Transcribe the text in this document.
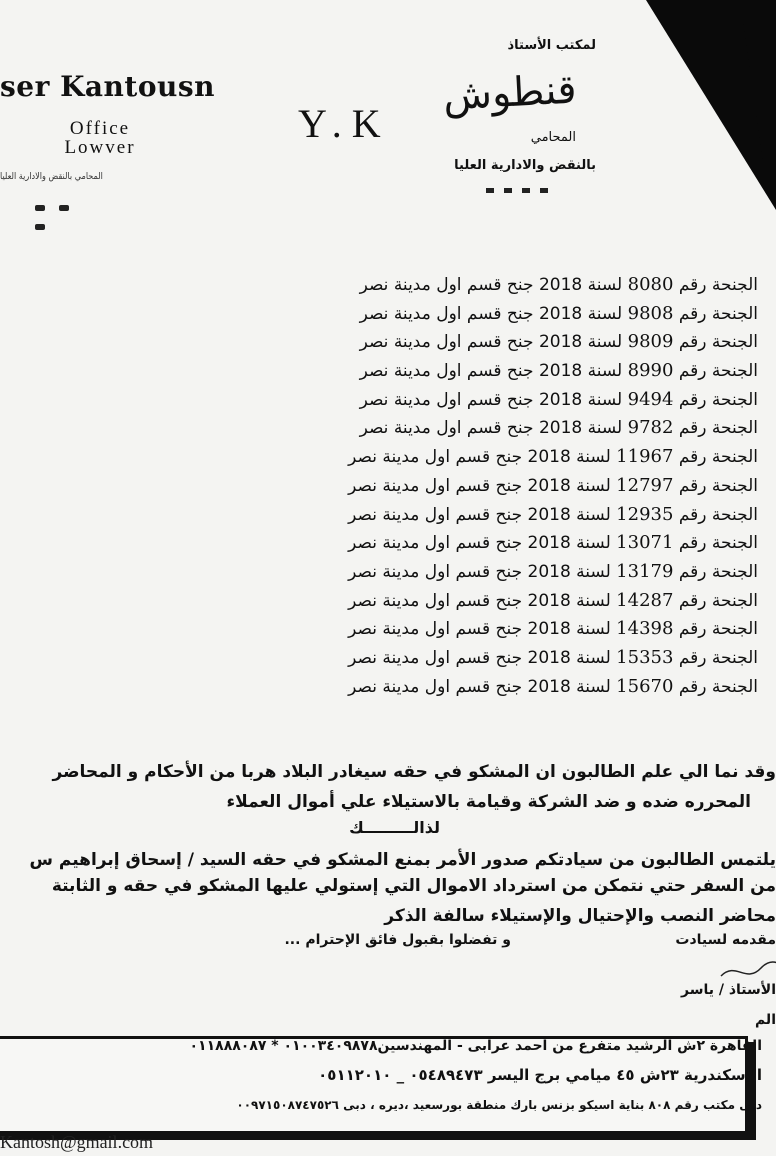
ser Kantousn

Office
Lowver
المحامي بالنقض والادارية العليا

Y.K

لمكتب الأستاذ
قنطوش
المحامي
بالنقض والادارية العليا
الجنحة رقم 8080 لسنة 2018 جنح قسم اول مدينة نصر
الجنحة رقم 9808 لسنة 2018 جنح قسم اول مدينة نصر
الجنحة رقم 9809 لسنة 2018 جنح قسم اول مدينة نصر
الجنحة رقم 8990 لسنة 2018 جنح قسم اول مدينة نصر
الجنحة رقم 9494 لسنة 2018 جنح قسم اول مدينة نصر
الجنحة رقم 9782 لسنة 2018 جنح قسم اول مدينة نصر
الجنحة رقم 11967 لسنة 2018 جنح قسم اول مدينة نصر
الجنحة رقم 12797 لسنة 2018 جنح قسم اول مدينة نصر
الجنحة رقم 12935 لسنة 2018 جنح قسم اول مدينة نصر
الجنحة رقم 13071 لسنة 2018 جنح قسم اول مدينة نصر
الجنحة رقم 13179 لسنة 2018 جنح قسم اول مدينة نصر
الجنحة رقم 14287 لسنة 2018 جنح قسم اول مدينة نصر
الجنحة رقم 14398 لسنة 2018 جنح قسم اول مدينة نصر
الجنحة رقم 15353 لسنة 2018 جنح قسم اول مدينة نصر
الجنحة رقم 15670 لسنة 2018 جنح قسم اول مدينة نصر

وقد نما الي علم الطالبون ان المشكو في حقه سيغادر البلاد هربا من الأحكام و المحاضر

المحرره ضده و ضد الشركة وقيامة بالاستيلاء علي أموال العملاء

لذالـــــــــك

يلتمس الطالبون من سيادتكم صدور الأمر بمنع المشكو في حقه السيد / إسحاق إبراهيم س

من السفر حتي نتمكن من استرداد الاموال التي إستولي عليها المشكو في حقه و الثابتة

محاضر النصب والإحتيال والإستيلاء سالفة الذكر

و تفضلوا بقبول فائق الإحترام ...	مقدمه لسيادت

الأستاذ / ياسر

الم

القاهرة ٢ش الرشيد متفرع من احمد عرابى - المهندسين٠١٠٠٣٤٠٩٨٧٨ * ٠١١٨٨٨٠٨٧

الإسكندرية ٢٣ش ٤٥ ميامي برج اليسر ٠٥٤٨٩٤٧٣ _ ٠٥١١٢٠١٠

دبى مكتب رقم ٨٠٨ بناية اسيكو بزنس بارك منطقة بورسعيد ،ديره ، دبى ٠٠٩٧١٥٠٨٧٤٧٥٢٦

Kantosh@gmail.com
